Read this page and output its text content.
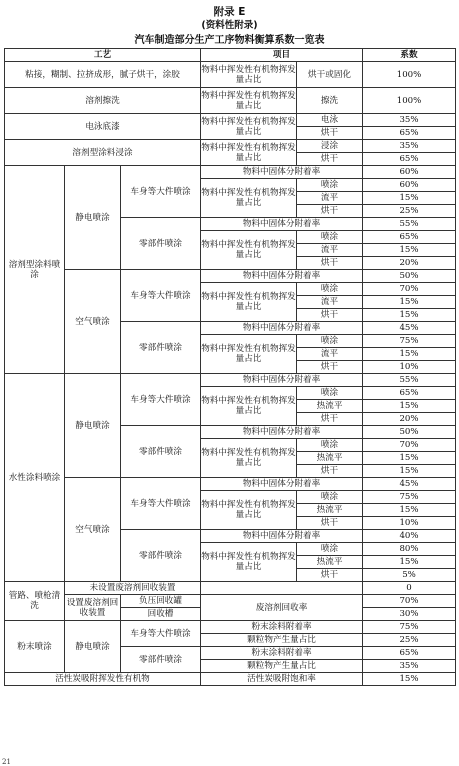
附录 E
(资料性附录)
汽车制造部分生产工序物料衡算系数一览表
工艺			项目		系数
粘接，糊制、拉挤成形，腻子烘干，涂胶			物料中挥发性有机物挥发量占比	烘干或固化	100%
溶剂擦洗			物料中挥发性有机物挥发量占比	擦洗	100%
电泳底漆			物料中挥发性有机物挥发量占比	电泳	35%
				烘干	65%
溶剂型涂料浸涂			物料中挥发性有机物挥发量占比	浸涂	35%
				烘干	65%
溶剂型涂料喷涂	静电喷涂	车身等大件喷涂	物料中固体分附着率		60%
			物料中挥发性有机物挥发量占比	喷涂	60%
				流平	15%
				烘干	25%
		零部件喷涂	物料中固体分附着率		55%
			物料中挥发性有机物挥发量占比	喷涂	65%
				流平	15%
				烘干	20%
	空气喷涂	车身等大件喷涂	物料中固体分附着率		50%
			物料中挥发性有机物挥发量占比	喷涂	70%
				流平	15%
				烘干	15%
		零部件喷涂	物料中固体分附着率		45%
			物料中挥发性有机物挥发量占比	喷涂	75%
				流平	15%
				烘干	10%
水性涂料喷涂	静电喷涂	车身等大件喷涂	物料中固体分附着率		55%
			物料中挥发性有机物挥发量占比	喷涂	65%
				热流平	15%
				烘干	20%
		零部件喷涂	物料中固体分附着率		50%
			物料中挥发性有机物挥发量占比	喷涂	70%
				热流平	15%
				烘干	15%
	空气喷涂	车身等大件喷涂	物料中固体分附着率		45%
			物料中挥发性有机物挥发量占比	喷涂	75%
				热流平	15%
				烘干	10%
		零部件喷涂	物料中固体分附着率		40%
			物料中挥发性有机物挥发量占比	喷涂	80%
				热流平	15%
				烘干	5%
管路、喷枪清洗	未设置废溶剂回收装置				0
	设置废溶剂回收装置	负压回收罐	废溶剂回收率		70%
		回收槽			30%
粉末喷涂	静电喷涂	车身等大件喷涂	粉末涂料附着率		75%
			颗粒物产生量占比		25%
		零部件喷涂	粉末涂料附着率		65%
			颗粒物产生量占比		35%
活性炭吸附挥发性有机物			活性炭吸附饱和率		15%
21
